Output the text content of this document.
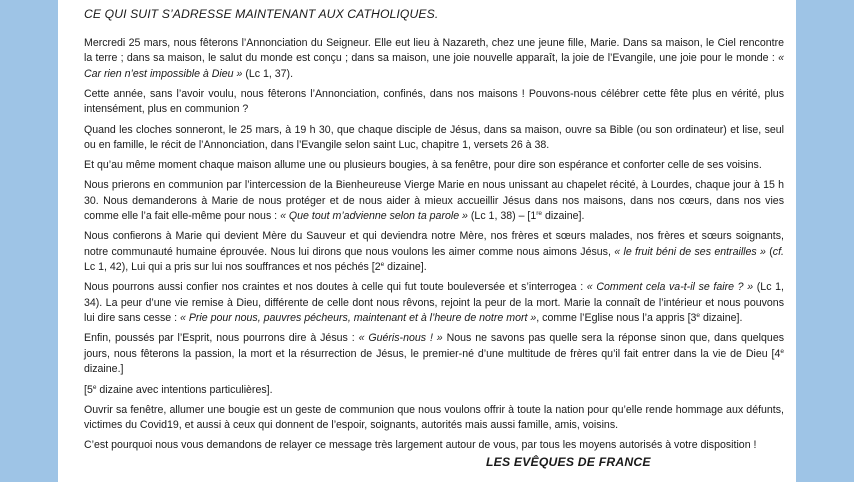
CE QUI SUIT S’ADRESSE MAINTENANT AUX CATHOLIQUES.

Mercredi 25 mars, nous fêterons l’Annonciation du Seigneur. Elle eut lieu à Nazareth, chez une jeune fille, Marie. Dans sa maison, le Ciel rencontre la terre ; dans sa maison, le salut du monde est conçu ; dans sa maison, une joie nouvelle apparaît, la joie de l’Evangile, une joie pour le monde : « Car rien n’est impossible à Dieu » (Lc 1, 37).

Cette année, sans l’avoir voulu, nous fêterons l’Annonciation, confinés, dans nos maisons ! Pouvons-nous célébrer cette fête plus en vérité, plus intensément, plus en communion ?

Quand les cloches sonneront, le 25 mars, à 19 h 30, que chaque disciple de Jésus, dans sa maison, ouvre sa Bible (ou son ordinateur) et lise, seul ou en famille, le récit de l’Annonciation, dans l’Evangile selon saint Luc, chapitre 1, versets 26 à 38.

Et qu’au même moment chaque maison allume une ou plusieurs bougies, à sa fenêtre, pour dire son espérance et conforter celle de ses voisins.

Nous prierons en communion par l’intercession de la Bienheureuse Vierge Marie en nous unissant au chapelet récité, à Lourdes, chaque jour à 15 h 30. Nous demanderons à Marie de nous protéger et de nous aider à mieux accueillir Jésus dans nos maisons, dans nos cœurs, dans nos vies comme elle l’a fait elle-même pour nous : « Que tout m’advienne selon ta parole » (Lc 1, 38) – [1re dizaine].

Nous confierons à Marie qui devient Mère du Sauveur et qui deviendra notre Mère, nos frères et sœurs malades, nos frères et sœurs soignants, notre communauté humaine éprouvée. Nous lui dirons que nous voulons les aimer comme nous aimons Jésus, « le fruit béni de ses entrailles » (cf. Lc 1, 42), Lui qui a pris sur lui nos souffrances et nos péchés [2e dizaine].

Nous pourrons aussi confier nos craintes et nos doutes à celle qui fut toute bouleversée et s’interrogea : « Comment cela va-t-il se faire ? » (Lc 1, 34). La peur d’une vie remise à Dieu, différente de celle dont nous rêvons, rejoint la peur de la mort. Marie la connaît de l’intérieur et nous pouvons lui dire sans cesse : « Prie pour nous, pauvres pécheurs, maintenant et à l’heure de notre mort », comme l’Eglise nous l’a appris [3e dizaine].

Enfin, poussés par l’Esprit, nous pourrons dire à Jésus : « Guéris-nous ! » Nous ne savons pas quelle sera la réponse sinon que, dans quelques jours, nous fêterons la passion, la mort et la résurrection de Jésus, le premier-né d’une multitude de frères qu’il fait entrer dans la vie de Dieu [4e dizaine.]

[5e dizaine avec intentions particulières].

Ouvrir sa fenêtre, allumer une bougie est un geste de communion que nous voulons offrir à toute la nation pour qu’elle rende hommage aux défunts, victimes du Covid19, et aussi à ceux qui donnent de l’espoir, soignants, autorités mais aussi famille, amis, voisins.

C’est pourquoi nous vous demandons de relayer ce message très largement autour de vous, par tous les moyens autorisés à votre disposition !

LES EVÊQUES DE FRANCE
